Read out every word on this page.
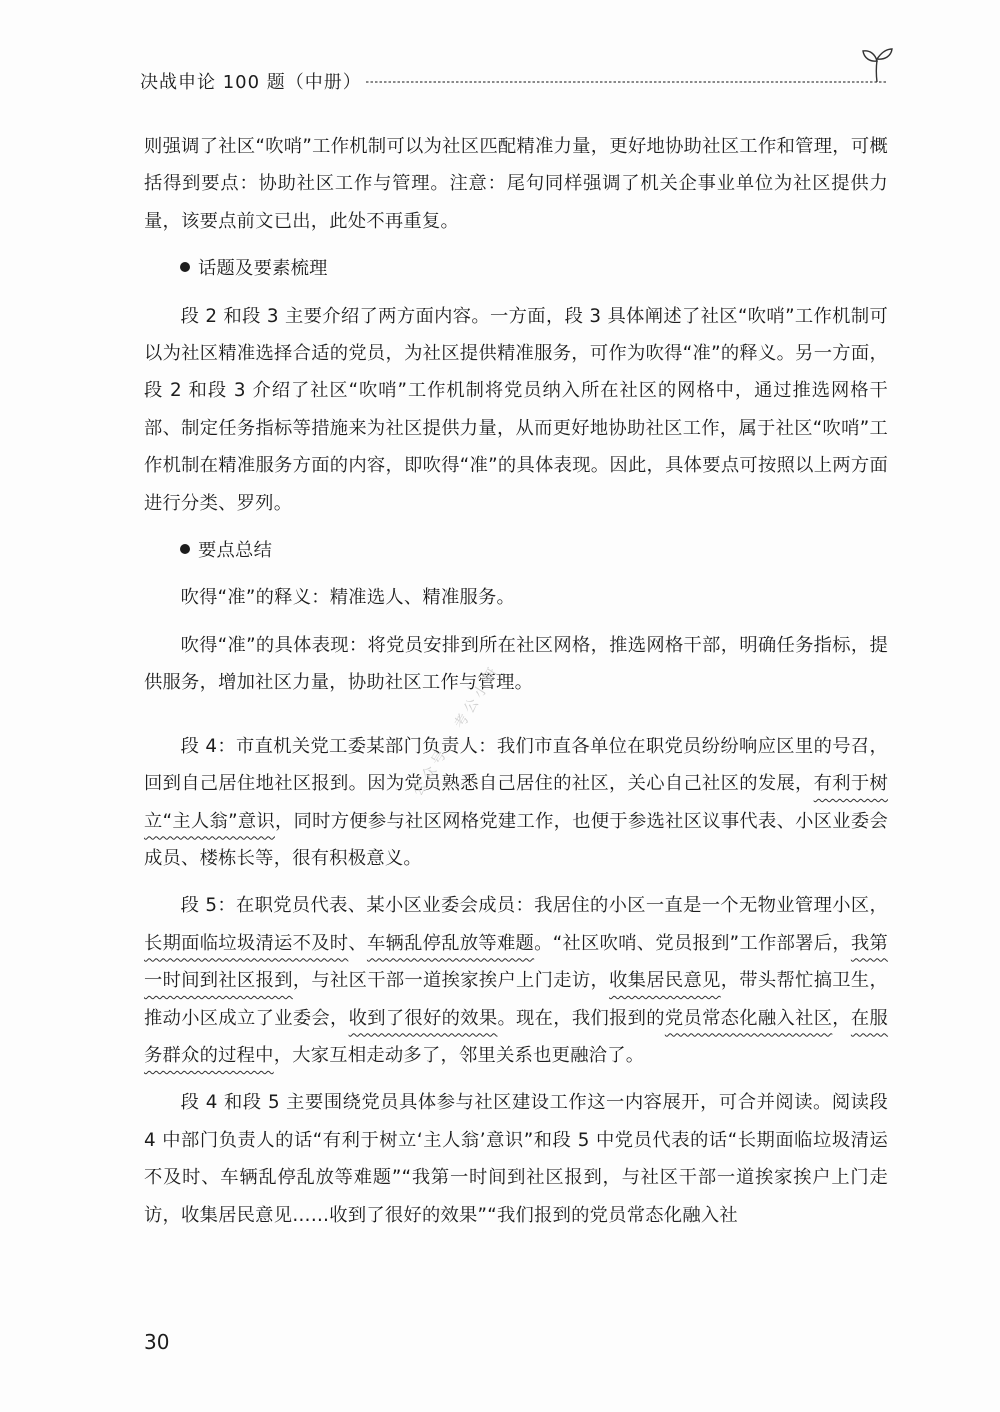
决战申论 100 题（中册）

则强调了社区“吹哨”工作机制可以为社区匹配精准力量，更好地协助社区工作和管理，可概括得到要点：协助社区工作与管理。注意：尾句同样强调了机关企事业单位为社区提供力量，该要点前文已出，此处不再重复。

话题及要素梳理

段 2 和段 3 主要介绍了两方面内容。一方面，段 3 具体阐述了社区“吹哨”工作机制可以为社区精准选择合适的党员，为社区提供精准服务，可作为吹得“准”的释义。另一方面，段 2 和段 3 介绍了社区“吹哨”工作机制将党员纳入所在社区的网格中，通过推选网格干部、制定任务指标等措施来为社区提供力量，从而更好地协助社区工作，属于社区“吹哨”工作机制在精准服务方面的内容，即吹得“准”的具体表现。因此，具体要点可按照以上两方面进行分类、罗列。

要点总结

吹得“准”的释义：精准选人、精准服务。

吹得“准”的具体表现：将党员安排到所在社区网格，推选网格干部，明确任务指标，提供服务，增加社区力量，协助社区工作与管理。

段 4：市直机关党工委某部门负责人：我们市直各单位在职党员纷纷响应区里的号召，回到自己居住地社区报到。因为党员熟悉自己居住的社区，关心自己社区的发展，有利于树立“主人翁”意识，同时方便参与社区网格党建工作，也便于参选社区议事代表、小区业委会成员、楼栋长等，很有积极意义。

段 5：在职党员代表、某小区业委会成员：我居住的小区一直是一个无物业管理小区，长期面临垃圾清运不及时、车辆乱停乱放等难题。“社区吹哨、党员报到”工作部署后，我第一时间到社区报到，与社区干部一道挨家挨户上门走访，收集居民意见，带头帮忙搞卫生，推动小区成立了业委会，收到了很好的效果。现在，我们报到的党员常态化融入社区，在服务群众的过程中，大家互相走动多了，邻里关系也更融洽了。

段 4 和段 5 主要围绕党员具体参与社区建设工作这一内容展开，可合并阅读。阅读段 4 中部门负责人的话“有利于树立‘主人翁’意识”和段 5 中党员代表的话“长期面临垃圾清运不及时、车辆乱停乱放等难题”“我第一时间到社区报到，与社区干部一道挨家挨户上门走访，收集居民意见……收到了很好的效果”“我们报到的党员常态化融入社

公众号 · 考公小研
30
